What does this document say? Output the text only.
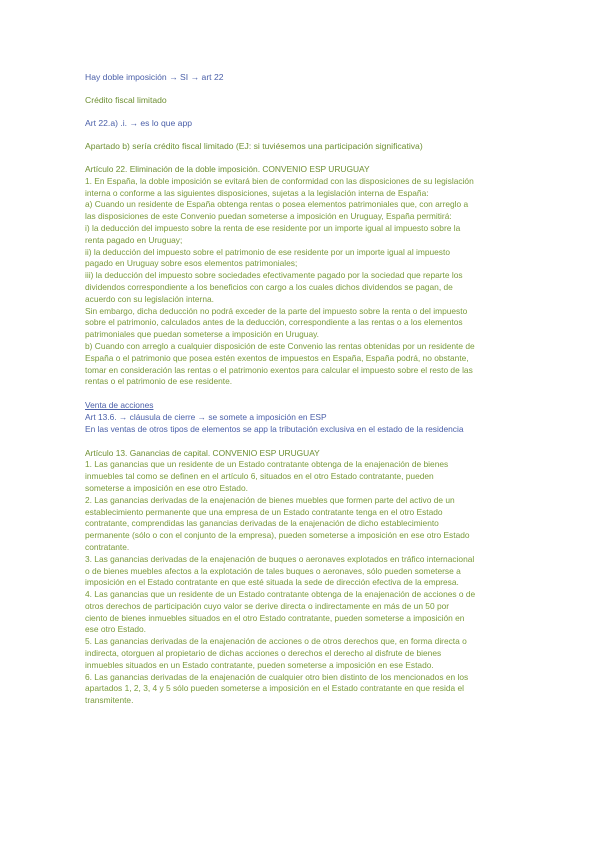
Hay doble imposición → SI → art 22

Crédito fiscal limitado

Art 22.a) .i. → es lo que app

Apartado b) sería crédito fiscal limitado (EJ: si tuviésemos una participación significativa)

Artículo 22. Eliminación de la doble imposición. CONVENIO ESP URUGUAY

1. En España, la doble imposición se evitará bien de conformidad con las disposiciones de su legislación

interna o conforme a las siguientes disposiciones, sujetas a la legislación interna de España:

a) Cuando un residente de España obtenga rentas o posea elementos patrimoniales que, con arreglo a

las disposiciones de este Convenio puedan someterse a imposición en Uruguay, España permitirá:

i) la deducción del impuesto sobre la renta de ese residente por un importe igual al impuesto sobre la

renta pagado en Uruguay;

ii) la deducción del impuesto sobre el patrimonio de ese residente por un importe igual al impuesto

pagado en Uruguay sobre esos elementos patrimoniales;

iii) la deducción del impuesto sobre sociedades efectivamente pagado por la sociedad que reparte los

dividendos correspondiente a los beneficios con cargo a los cuales dichos dividendos se pagan, de

acuerdo con su legislación interna.

Sin embargo, dicha deducción no podrá exceder de la parte del impuesto sobre la renta o del impuesto

sobre el patrimonio, calculados antes de la deducción, correspondiente a las rentas o a los elementos

patrimoniales que puedan someterse a imposición en Uruguay.

b) Cuando con arreglo a cualquier disposición de este Convenio las rentas obtenidas por un residente de

España o el patrimonio que posea estén exentos de impuestos en España, España podrá, no obstante,

tomar en consideración las rentas o el patrimonio exentos para calcular el impuesto sobre el resto de las

rentas o el patrimonio de ese residente.

Venta de acciones

Art 13.6. → cláusula de cierre → se somete a imposición en ESP

En las ventas de otros tipos de elementos se app la tributación exclusiva en el estado de la residencia

Artículo 13. Ganancias de capital. CONVENIO ESP URUGUAY

1. Las ganancias que un residente de un Estado contratante obtenga de la enajenación de bienes

inmuebles tal como se definen en el artículo 6, situados en el otro Estado contratante, pueden

someterse a imposición en ese otro Estado.

2. Las ganancias derivadas de la enajenación de bienes muebles que formen parte del activo de un

establecimiento permanente que una empresa de un Estado contratante tenga en el otro Estado

contratante, comprendidas las ganancias derivadas de la enajenación de dicho establecimiento

permanente (sólo o con el conjunto de la empresa), pueden someterse a imposición en ese otro Estado

contratante.

3. Las ganancias derivadas de la enajenación de buques o aeronaves explotados en tráfico internacional

o de bienes muebles afectos a la explotación de tales buques o aeronaves, sólo pueden someterse a

imposición en el Estado contratante en que esté situada la sede de dirección efectiva de la empresa.

4. Las ganancias que un residente de un Estado contratante obtenga de la enajenación de acciones o de

otros derechos de participación cuyo valor se derive directa o indirectamente en más de un 50 por

ciento de bienes inmuebles situados en el otro Estado contratante, pueden someterse a imposición en

ese otro Estado.

5. Las ganancias derivadas de la enajenación de acciones o de otros derechos que, en forma directa o

indirecta, otorguen al propietario de dichas acciones o derechos el derecho al disfrute de bienes

inmuebles situados en un Estado contratante, pueden someterse a imposición en ese Estado.

6. Las ganancias derivadas de la enajenación de cualquier otro bien distinto de los mencionados en los

apartados 1, 2, 3, 4 y 5 sólo pueden someterse a imposición en el Estado contratante en que resida el

transmitente.
